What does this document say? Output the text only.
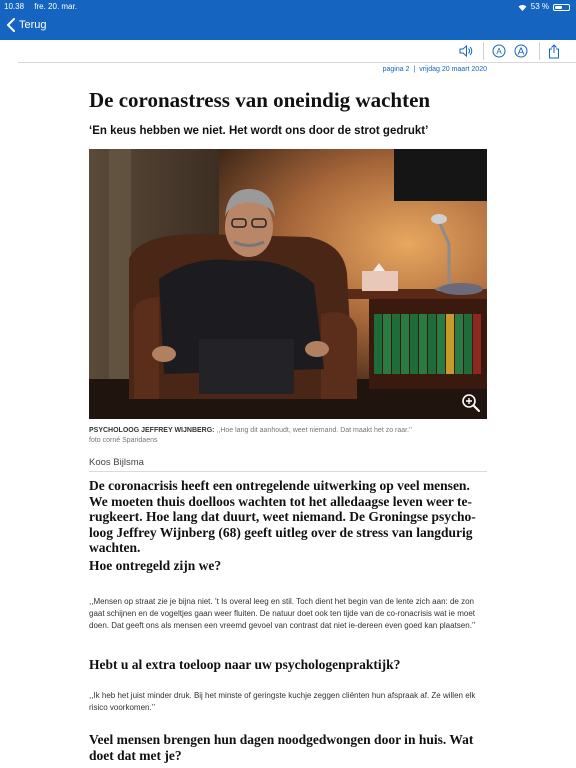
10.38 fre. 20. mar.	53 %
Terug
A A
pagina 2 | vrijdag 20 maart 2020
De coronastress van oneindig wachten
‘En keus hebben we niet. Het wordt ons door de strot gedrukt’
PSYCHOLOOG JEFFREY WIJNBERG: ,,Hoe lang dit aanhoudt, weet niemand. Dat maakt het zo raar.’’
foto corné Sparidaens
Koos Bijlsma
De coronacrisis heeft een ontregelende uitwerking op veel mensen. We moeten thuis doelloos wachten tot het alledaagse leven weer te-rugkeert. Hoe lang dat duurt, weet niemand. De Groningse psycho-loog Jeffrey Wijnberg (68) geeft uitleg over de stress van langdurig wachten.
Hoe ontregeld zijn we?
,,Mensen op straat zie je bijna niet. ’t Is overal leeg en stil. Toch dient het begin van de lente zich aan: de zon gaat schijnen en de vogeltjes gaan weer fluiten. De natuur doet ook ten tijde van de co-ronacrisis wat ie moet doen. Dat geeft ons als mensen een vreemd gevoel van contrast dat niet ie-dereen even goed kan plaatsen.’’
Hebt u al extra toeloop naar uw psychologenpraktijk?
,,Ik heb het juist minder druk. Bij het minste of geringste kuchje zeggen cliënten hun afspraak af. Ze willen elk risico voorkomen.’’
Veel mensen brengen hun dagen noodgedwongen door in huis. Wat doet dat met je?
